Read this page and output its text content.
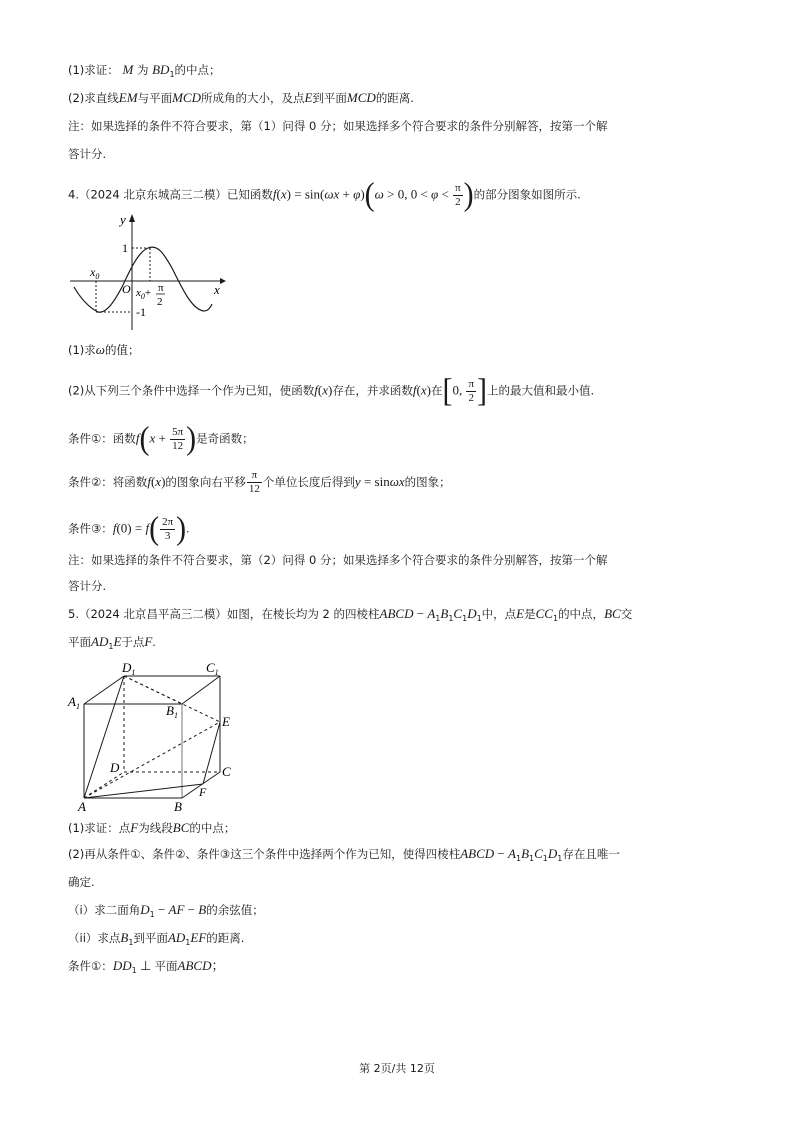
(1)求证： M 为 $BD_1$的中点；
(2)求直线EM与平面MCD所成角的大小，及点E到平面MCD的距离.
注：如果选择的条件不符合要求，第（1）问得 0 分；如果选择多个符合要求的条件分别解答，按第一个解
答计分.
4.（2024 北京东城高三二模）已知函数f(x) = sin(ωx + φ)(ω > 0, $0 < \varphi < \frac{\pi}{2}$ )的部分图象如图所示.
y
x
O
1
-1
$x_0$
$x_0+ \pi$
2
(1)求ω的值；
(2)从下列三个条件中选择一个作为已知，使函数f(x)存在，并求函数f(x)在[0, $\frac{\pi}{2}$ ]上的最大值和最小值.
条件①：函数$f(x + \frac{5\pi}{12}$ )是奇函数；
条件②：将函数f(x)的图象向右平移 $\frac{\pi}{12}$ 个单位长度后得到y = sinωx的图象；
条件③：$f(0) = f( \frac{2\pi}{3}$ ).
注：如果选择的条件不符合要求，第（2）问得 0 分；如果选择多个符合要求的条件分别解答，按第一个解
答计分.
5.（2024 北京昌平高三二模）如图，在棱长均为 2 的四棱柱ABCD − $A_1B_1C_1D_1$中，点E是$CC_1$的中点，BC交
平面$AD_1E$于点F.
$D_1$	$C_1$
$A_1$	$B_1$	E
D	C
A	B
F
(1)求证：点F为线段BC的中点；
(2)再从条件①、条件②、条件③这三个条件中选择两个作为已知，使得四棱柱ABCD − $A_1B_1C_1D_1$存在且唯一
确定.
（i）求二面角$D_1$ − AF − B的余弦值；
（ii）求点$B_1$到平面$AD_1EF$的距离.
条件①：$DD_1$ ⊥ 平面ABCD；
第 2页/共 12页
